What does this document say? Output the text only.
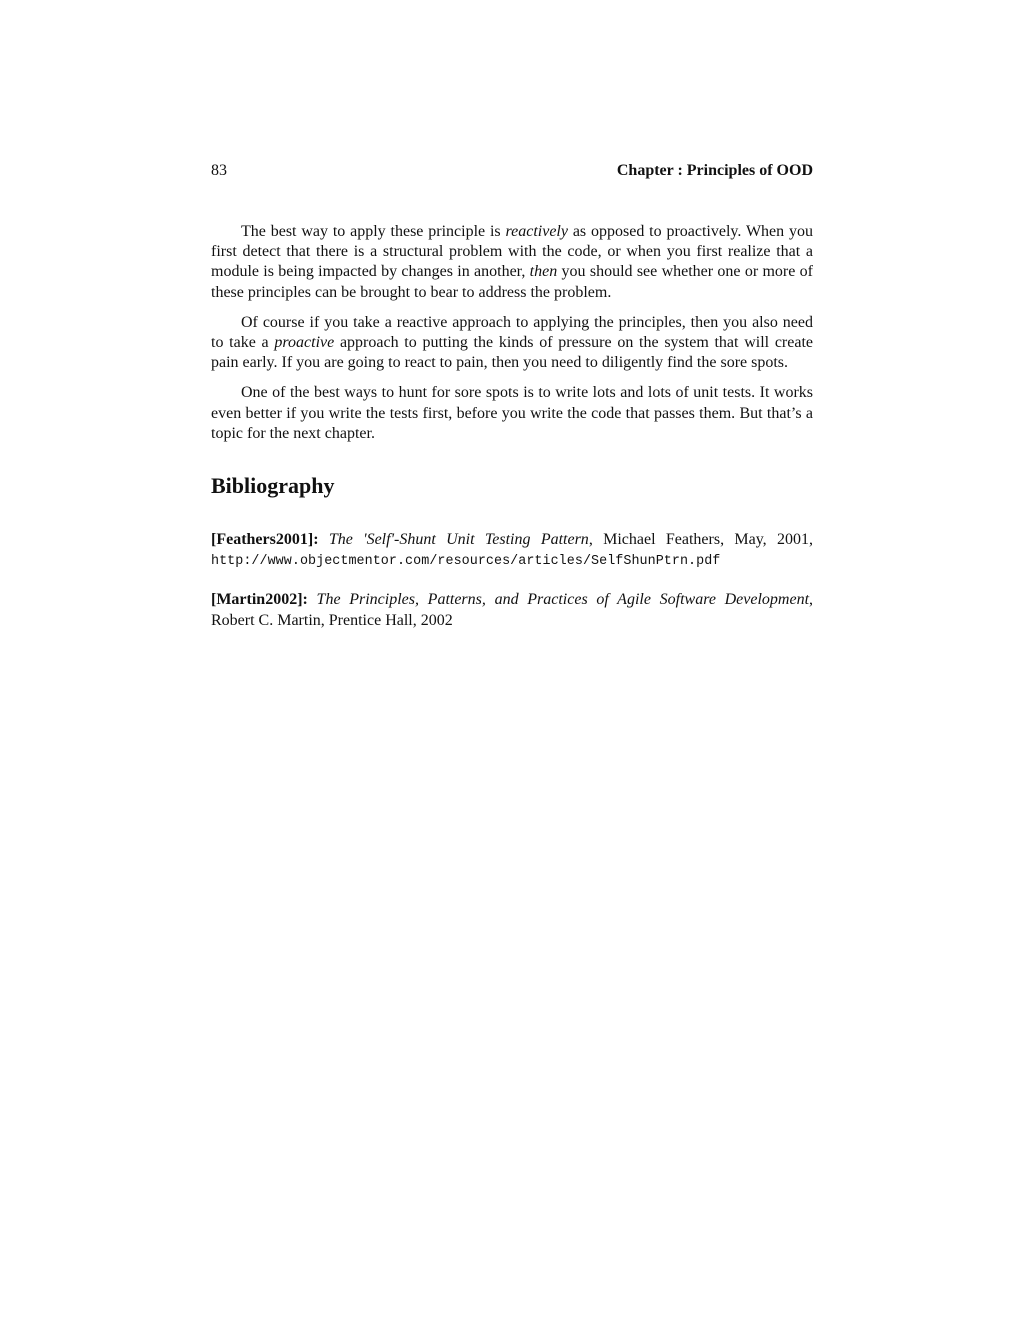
83	Chapter : Principles of OOD

The best way to apply these principle is reactively as opposed to proactively. When you first detect that there is a structural problem with the code, or when you first realize that a module is being impacted by changes in another, then you should see whether one or more of these principles can be brought to bear to address the problem.

Of course if you take a reactive approach to applying the principles, then you also need to take a proactive approach to putting the kinds of pressure on the system that will create pain early. If you are going to react to pain, then you need to diligently find the sore spots.

One of the best ways to hunt for sore spots is to write lots and lots of unit tests. It works even better if you write the tests first, before you write the code that passes them. But that’s a topic for the next chapter.

Bibliography

[Feathers2001]: The 'Self'-Shunt Unit Testing Pattern, Michael Feathers, May, 2001, http://www.objectmentor.com/resources/articles/SelfShunPtrn.pdf

[Martin2002]: The Principles, Patterns, and Practices of Agile Software Development, Robert C. Martin, Prentice Hall, 2002
